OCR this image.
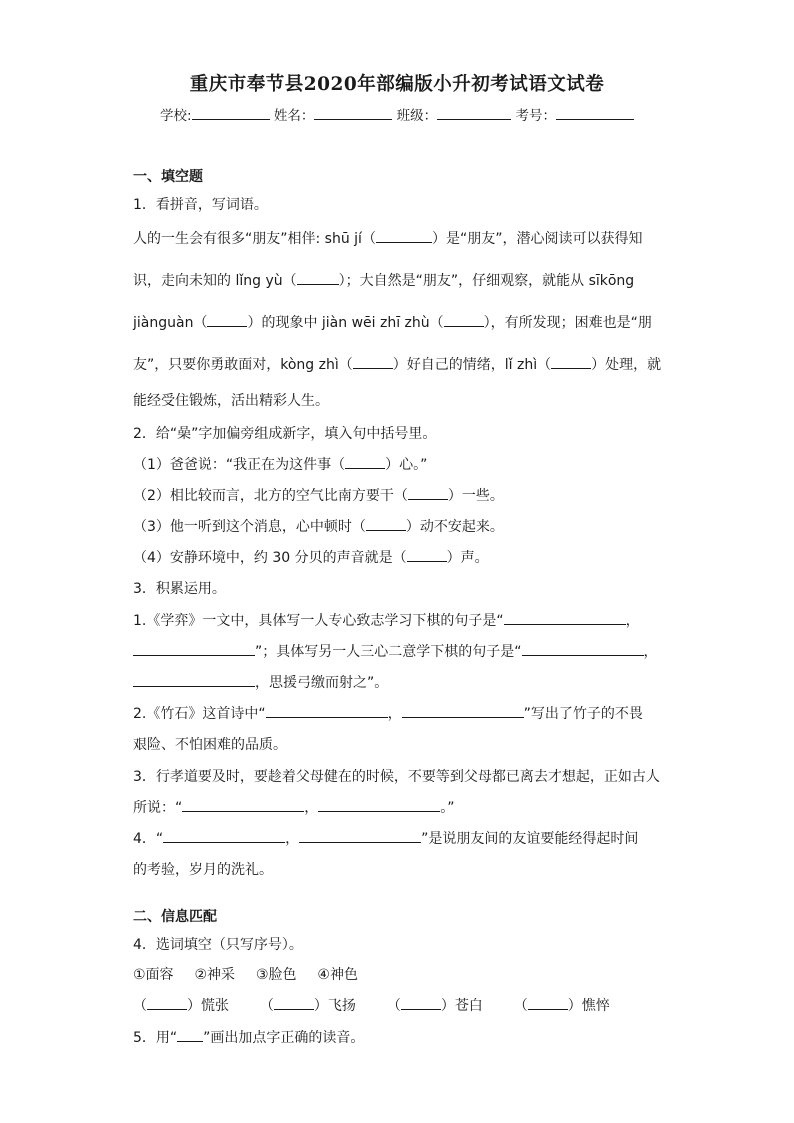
重庆市奉节县2020年部编版小升初考试语文试卷
学校:	姓名：	班级：	考号：
一、填空题
1．看拼音，写词语。
人的一生会有很多“朋友”相伴: shū jí（	）是“朋友”，潜心阅读可以获得知
识，走向未知的 lǐng yù（	）；大自然是“朋友”，仔细观察，就能从 sīkōng
jiànguàn（	）的现象中 jiàn wēi zhī zhù（	），有所发现；困难也是“朋
友”，只要你勇敢面对，kòng zhì（	）好自己的情绪，lǐ zhì（	）处理，就
能经受住锻炼，活出精彩人生。
2．给“喿”字加偏旁组成新字，填入句中括号里。
（1）爸爸说：“我正在为这件事（	）心。”
（2）相比较而言，北方的空气比南方要干（	）一些。
（3）他一听到这个消息，心中顿时（	）动不安起来。
（4）安静环境中，约 30 分贝的声音就是（	）声。
3．积累运用。
1.《学弈》一文中，具体写一人专心致志学习下棋的句子是“	，
”；具体写另一人三心二意学下棋的句子是“	，
，思援弓缴而射之”。
2.《竹石》这首诗中“	，	”写出了竹子的不畏
艰险、不怕困难的品质。
3．行孝道要及时，要趁着父母健在的时候，不要等到父母都已离去才想起，正如古人
所说：“	，	。”
4．“	，	”是说朋友间的友谊要能经得起时间
的考验，岁月的洗礼。
二、信息匹配
4．选词填空（只写序号）。
①面容 ②神采 ③脸色 ④神色
（	）慌张 （	）飞扬 （	）苍白 （	）憔悴
5．用“ ”画出加点字正确的读音。
